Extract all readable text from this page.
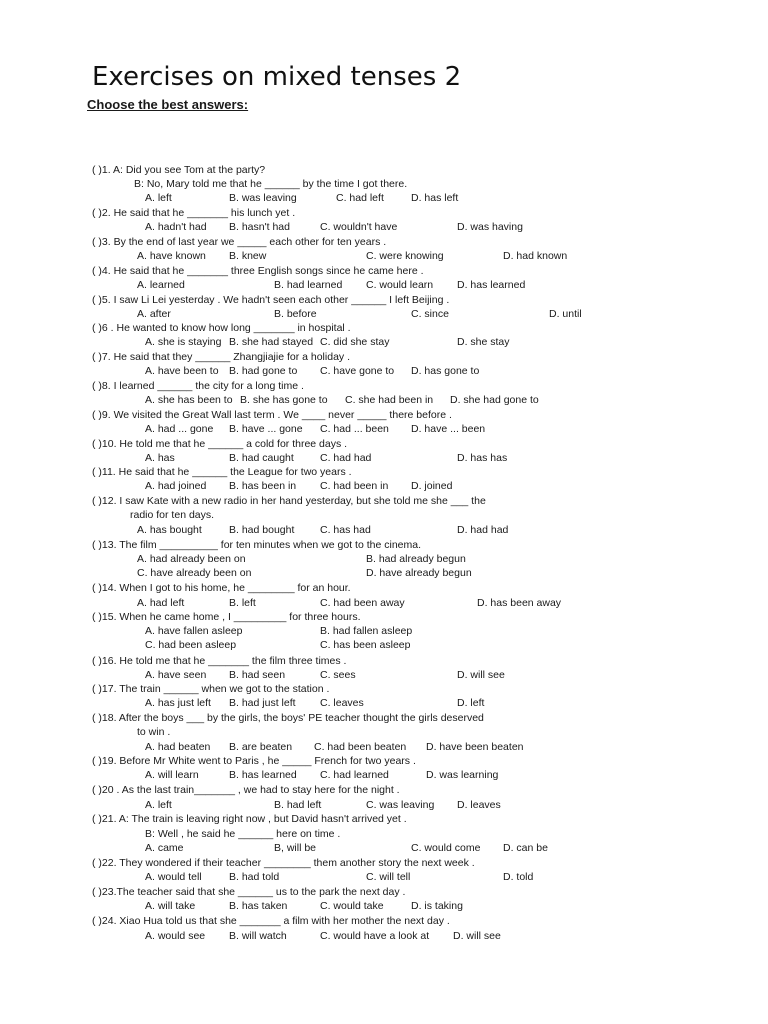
Exercises on mixed tenses 2
Choose the best answers:
( )1. A: Did you see Tom at the party?
B: No, Mary told me that he ______ by the time I got there.
A. left	B. was leaving	C. had left	D. has left
( )2. He said that he _______ his lunch yet .
A. hadn't had B. hasn't had	C. wouldn't have	D. was having
( )3. By the end of last year we _____ each other for ten years .
A. have known B. knew	C. were knowing	D. had known
( )4. He said that he _______ three English songs since he came here .
A. learned	B. had learned C. would learn D. has learned
( )5. I saw Li Lei yesterday . We hadn't seen each other ______ I left Beijing .
A. after	B. before	C. since	D. until
( )6 . He wanted to know how long _______ in hospital .
A. she is staying B. she had stayed C. did she stay	D. she stay
( )7. He said that they ______ Zhangjiajie for a holiday .
A. have been to B. had gone to C. have gone to D. has gone to
( )8. I learned ______ the city for a long time .
A. she has been to B. she has gone to C. she had been in D. she had gone to
( )9. We visited the Great Wall last term . We ____ never _____ there before .
A. had ... gone B. have ... gone C. had ... been D. have ... been
( )10. He told me that he ______ a cold for three days .
A. has	B. had caught C. had had	D. has has
( )11. He said that he ______ the League for two years .
A. had joined B. has been in C. had been in D. joined
( )12. I saw Kate with a new radio in her hand yesterday, but she told me she ___ the
radio for ten days.
A. has bought	B. had bought C. has had	D. had had
( )13. The film __________ for ten minutes when we got to the cinema.
A. had already been on	B. had already begun
C. have already been on	D. have already begun
( )14. When I got to his home, he ________ for an hour.
A. had left	B. left	C. had been away	D. has been away
( )15. When he came home , I _________ for three hours.
A. have fallen asleep	B. had fallen asleep
C. had been asleep	C. has been asleep
( )16. He told me that he _______ the film three times .
A. have seen B. had seen	C. sees	D. will see
( )17. The train ______ when we got to the station .
A. has just left B. had just left C. leaves	D. left
( )18. After the boys ___ by the girls, the boys' PE teacher thought the girls deserved
to win .
A. had beaten B. are beaten C. had been beaten D. have been beaten
( )19. Before Mr White went to Paris , he _____ French for two years .
A. will learn	B. has learned C. had learned	D. was learning
( )20 . As the last train_______ , we had to stay here for the night .
A. left	B. had left	C. was leaving D. leaves
( )21. A: The train is leaving right now , but David hasn't arrived yet .
B: Well , he said he ______ here on time .
A. came	B, will be	C. would come D. can be
( )22. They wondered if their teacher ________ them another story the next week .
A. would tell	B. had told	C. will tell	D. told
( )23.The teacher said that she ______ us to the park the next day .
A. will take	B. has taken	C. would take	D. is taking
( )24. Xiao Hua told us that she _______ a film with her mother the next day .
A. would see B. will watch	C. would have a look at D. will see
